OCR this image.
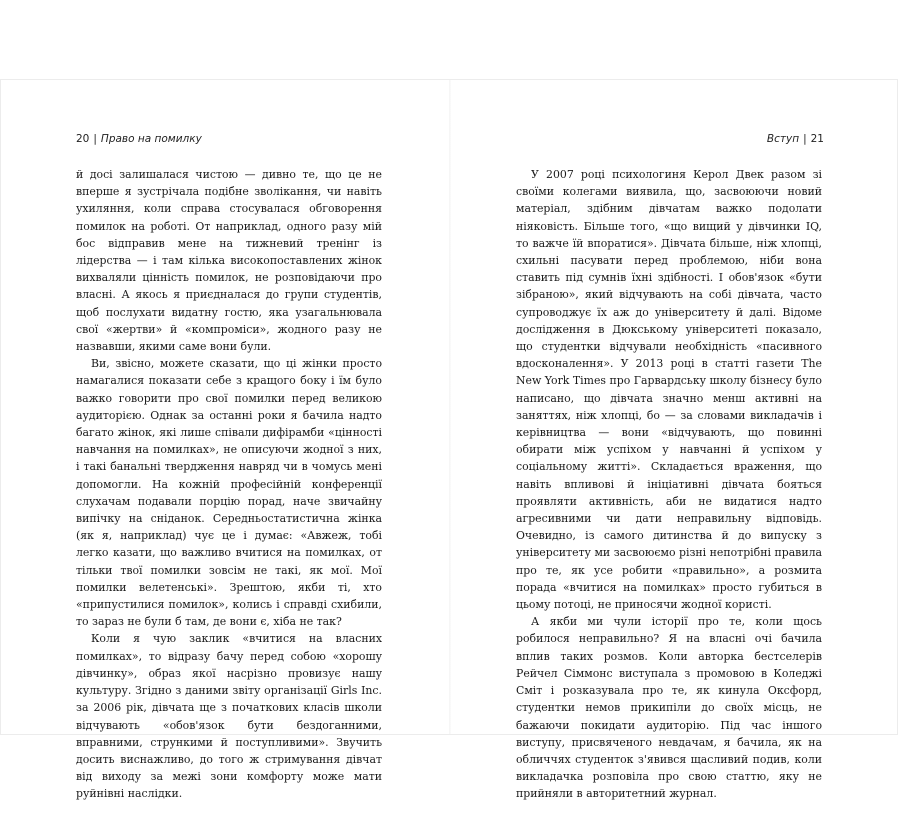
20 | Право на помилку

й досі залишалася чистою — дивно те, що це не вперше я зустрічала подібне зволікання, чи навіть ухиляння, коли справа стосувалася обговорення помилок на роботі. От наприклад, одного разу мій бос відправив мене на тижневий тренінг із лідерства — і там кілька високопоставлених жінок вихваляли цінність помилок, не розповідаючи про власні. А якось я приєдналася до групи студентів, щоб послухати видатну гостю, яка узагальнювала свої «жертви» й «компроміси», жодного разу не назвавши, якими саме вони були.

Ви, звісно, можете сказати, що ці жінки просто намагалися показати себе з кращого боку і їм було важко говорити про свої помилки перед великою аудиторією. Однак за останні роки я бачила надто багато жінок, які лише співали дифірамби «цінності навчання на помилках», не описуючи жодної з них, і такі банальні твердження навряд чи в чомусь мені допомогли. На кожній професійній конференції слухачам подавали порцію порад, наче звичайну випічку на сніданок. Середньостатистична жінка (як я, наприклад) чує це і думає: «Авжеж, тобі легко казати, що важливо вчитися на помилках, от тільки твої помилки зовсім не такі, як мої. Мої помилки велетенські». Зрештою, якби ті, хто «припустилися помилок», колись і справді схибили, то зараз не були б там, де вони є, хіба не так?

Коли я чую заклик «вчитися на власних помилках», то відразу бачу перед собою «хорошу дівчинку», образ якої насрізно провизує нашу культуру. Згідно з даними звіту організації Girls Inc. за 2006 рік, дівчата ще з початкових класів школи відчувають «обов'язок бути бездоганними, вправними, стрункими й поступливими». Звучить досить виснажливо, до того ж стримування дівчат від виходу за межі зони комфорту може мати руйнівні наслідки.

Вступ | 21

У 2007 році психологиня Керол Двек разом зі своїми колегами виявила, що, засвоюючи новий матеріал, здібним дівчатам важко подолати ніяковість. Більше того, «що вищий у дівчинки IQ, то важче їй впоратися». Дівчата більше, ніж хлопці, схильні пасувати перед проблемою, ніби вона ставить під сумнів їхні здібності. І обов'язок «бути зібраною», який відчувають на собі дівчата, часто супроводжує їх аж до університету й далі. Відоме дослідження в Дюкському університеті показало, що студентки відчували необхідність «пасивного вдосконалення». У 2013 році в статті газети The New York Times про Гарвардську школу бізнесу було написано, що дівчата значно менш активні на заняттях, ніж хлопці, бо — за словами викладачів і керівництва — вони «відчувають, що повинні обирати між успіхом у навчанні й успіхом у соціальному житті». Складається враження, що навіть впливові й ініціативні дівчата бояться проявляти активність, аби не видатися надто агресивними чи дати неправильну відповідь. Очевидно, із самого дитинства й до випуску з університету ми засвоюємо різні непотрібні правила про те, як усе робити «правильно», а розмита порада «вчитися на помилках» просто губиться в цьому потоці, не приносячи жодної користі.

А якби ми чули історії про те, коли щось робилося неправильно? Я на власні очі бачила вплив таких розмов. Коли авторка бестселерів Рейчел Сіммонс виступала з промовою в Коледжі Сміт і розказувала про те, як кинула Оксфорд, студентки немов прикипіли до своїх місць, не бажаючи покидати аудиторію. Під час іншого виступу, присвяченого невдачам, я бачила, як на обличчях студенток з'явився щасливий подив, коли викладачка розповіла про свою статтю, яку не прийняли в авторитетний журнал.
